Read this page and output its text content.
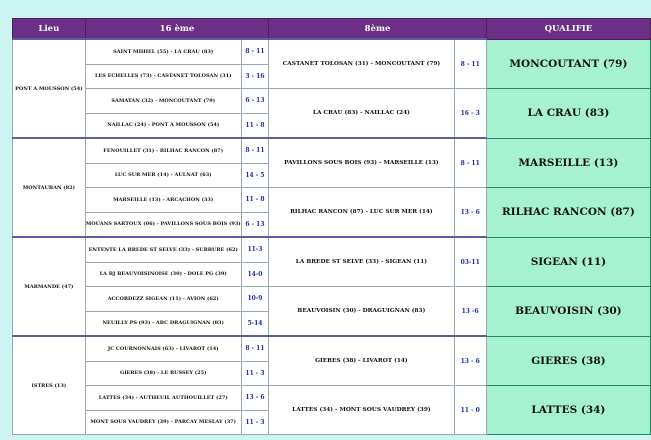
Lieu	16 ème		8ème		QUALIFIE
PONT A MOUSSON (54)	SAINT MIHIEL (55) - LA CRAU (83)	8 - 11	CASTANET TOLOSAN (31) - MONCOUTANT (79)	8 - 11	MONCOUTANT (79)
	LES ECHELLES (73) - CASTANET TOLOSAN (31)	3 - 16			
	SAMATAN (32) - MONCOUTANT (79)	6 - 13	LA CRAU (83) - NAILLAC (24)	16 - 3	LA CRAU (83)
	NAILLAC (24) - PONT A MOUSSON (54)	11 - 8			
MONTAUBAN (82)	FENOUILLET (31) - RILHAC RANCON (87)	8 - 11	PAVILLONS SOUS BOIS (93) - MARSEILLE (13)	8 - 11	MARSEILLE (13)
	LUC SUR MER (14) - AULNAT (63)	14 - 5			
	MARSEILLE (13) - ARCACHON (33)	11 - 8	RILHAC RANCON (87) - LUC SUR MER (14)	13 - 6	RILHAC RANCON (87)
	MOUANS SARTOUX (06) - PAVILLONS SOUS BOIS (93)	6 - 13			
MARMANDE (47)	ENTENTE LA BREDE ST SELVE (33) - SURBURE (62)	11-3	LA BREDE ST SELVE (33) - SIGEAN (11)	03-11	SIGEAN (11)
	LA BJ BEAUVOISINOISE (30) - DOLE PG (39)	14-0			
	ACCORDEZZ SIGEAN (11) - AVION (62)	10-9	BEAUVOISIN (30) - DRAGUIGNAN (83)	13 -6	BEAUVOISIN (30)
	NEUILLY PS (93) - ABC DRAGUIGNAN (83)	5-14			
ISTRES (13)	JC COURNONNAIS (63) - LIVAROT (14)	8 - 11	GIERES (38) - LIVAROT (14)	13 - 6	GIERES (38)
	GIERES (38) - LE RUSSEY (25)	11 - 3			
	LATTES (34) - AUTHEUIL AUTHOUILLET (27)	13 - 6	LATTES (34) - MONT SOUS VAUDREY (39)	11 - 0	LATTES (34)
	MONT SOUS VAUDREY (39) - PARCAY MESLAY (37)	11 - 3			
